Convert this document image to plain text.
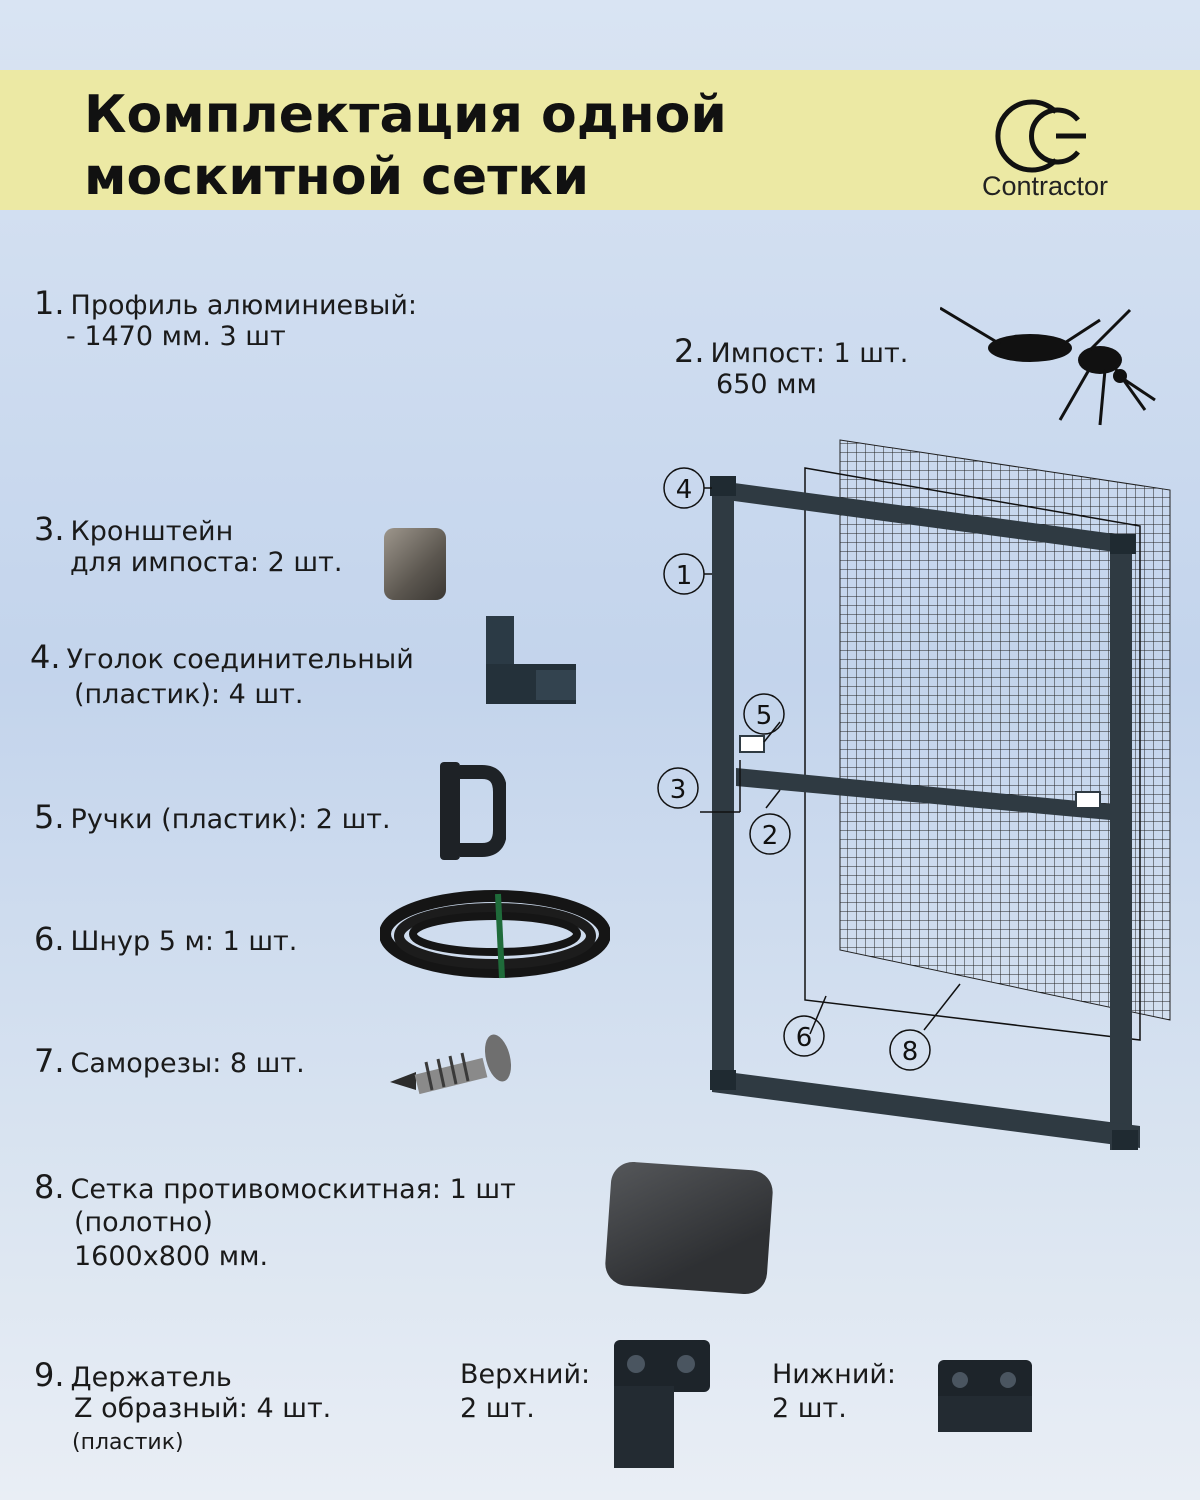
Комплектация одной
москитной сетки	Contractor
1. Профиль алюминиевый:
- 1470 мм. 3 шт	2. Импост: 1 шт.
650 мм
3. Кронштейн
для импоста: 2 шт.
4. Уголок соединительный
(пластик): 4 шт.
5. Ручки (пластик): 2 шт.
6. Шнур 5 м: 1 шт.
7. Саморезы: 8 шт.
8. Сетка противомоскитная: 1 шт
(полотно)
1600х800 мм.
9. Держатель
Z образный: 4 шт.
(пластик)
Верхний:
2 шт.
Нижний:
2 шт.
4
1
5
3
2
6	8
